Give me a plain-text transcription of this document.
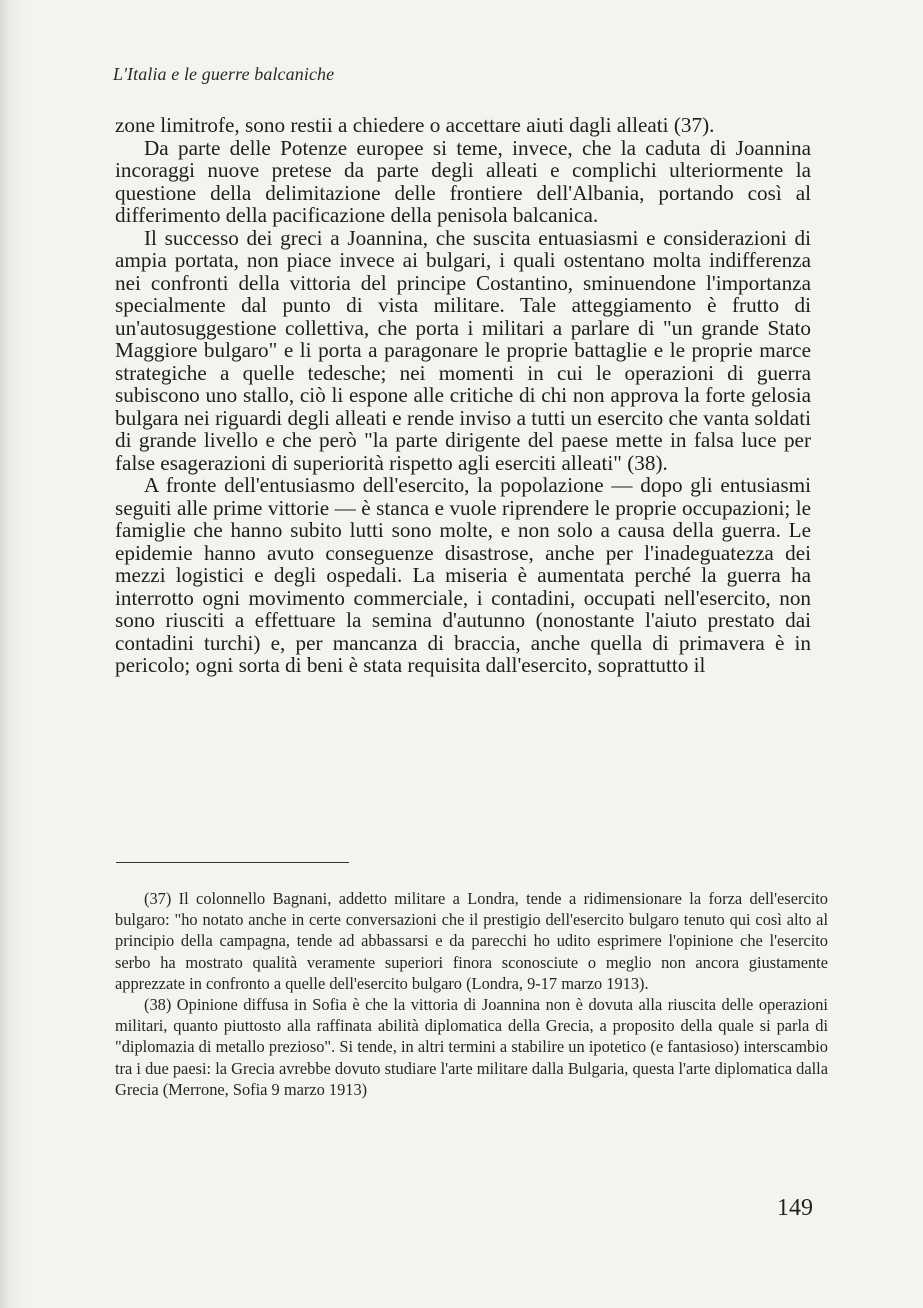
L'Italia e le guerre balcaniche

zone limitrofe, sono restii a chiedere o accettare aiuti dagli alleati (37).

Da parte delle Potenze europee si teme, invece, che la caduta di Joannina incoraggi nuove pretese da parte degli alleati e complichi ulteriormente la questione della delimitazione delle frontiere dell'Albania, portando così al differimento della pacificazione della penisola balcanica.

Il successo dei greci a Joannina, che suscita entuasiasmi e considerazioni di ampia portata, non piace invece ai bulgari, i quali ostentano molta indifferenza nei confronti della vittoria del principe Costantino, sminuendone l'importanza specialmente dal punto di vista militare. Tale atteggiamento è frutto di un'autosuggestione collettiva, che porta i militari a parlare di "un grande Stato Maggiore bulgaro" e li porta a paragonare le proprie battaglie e le proprie marce strategiche a quelle tedesche; nei momenti in cui le operazioni di guerra subiscono uno stallo, ciò li espone alle critiche di chi non approva la forte gelosia bulgara nei riguardi degli alleati e rende inviso a tutti un esercito che vanta soldati di grande livello e che però "la parte dirigente del paese mette in falsa luce per false esagerazioni di superiorità rispetto agli eserciti alleati" (38).

A fronte dell'entusiasmo dell'esercito, la popolazione — dopo gli entusiasmi seguiti alle prime vittorie — è stanca e vuole riprendere le proprie occupazioni; le famiglie che hanno subito lutti sono molte, e non solo a causa della guerra. Le epidemie hanno avuto conseguenze disastrose, anche per l'inadeguatezza dei mezzi logistici e degli ospedali. La miseria è aumentata perché la guerra ha interrotto ogni movimento commerciale, i contadini, occupati nell'esercito, non sono riusciti a effettuare la semina d'autunno (nonostante l'aiuto prestato dai contadini turchi) e, per mancanza di braccia, anche quella di primavera è in pericolo; ogni sorta di beni è stata requisita dall'esercito, soprattutto il

(37) Il colonnello Bagnani, addetto militare a Londra, tende a ridimensionare la forza dell'esercito bulgaro: "ho notato anche in certe conversazioni che il prestigio dell'esercito bulgaro tenuto qui così alto al principio della campagna, tende ad abbassarsi e da parecchi ho udito esprimere l'opinione che l'esercito serbo ha mostrato qualità veramente superiori finora sconosciute o meglio non ancora giustamente apprezzate in confronto a quelle dell'esercito bulgaro (Londra, 9-17 marzo 1913).

(38) Opinione diffusa in Sofia è che la vittoria di Joannina non è dovuta alla riuscita delle operazioni militari, quanto piuttosto alla raffinata abilità diplomatica della Grecia, a proposito della quale si parla di "diplomazia di metallo prezioso". Si tende, in altri termini a stabilire un ipotetico (e fantasioso) interscambio tra i due paesi: la Grecia avrebbe dovuto studiare l'arte militare dalla Bulgaria, questa l'arte diplomatica dalla Grecia (Merrone, Sofia 9 marzo 1913)

149
